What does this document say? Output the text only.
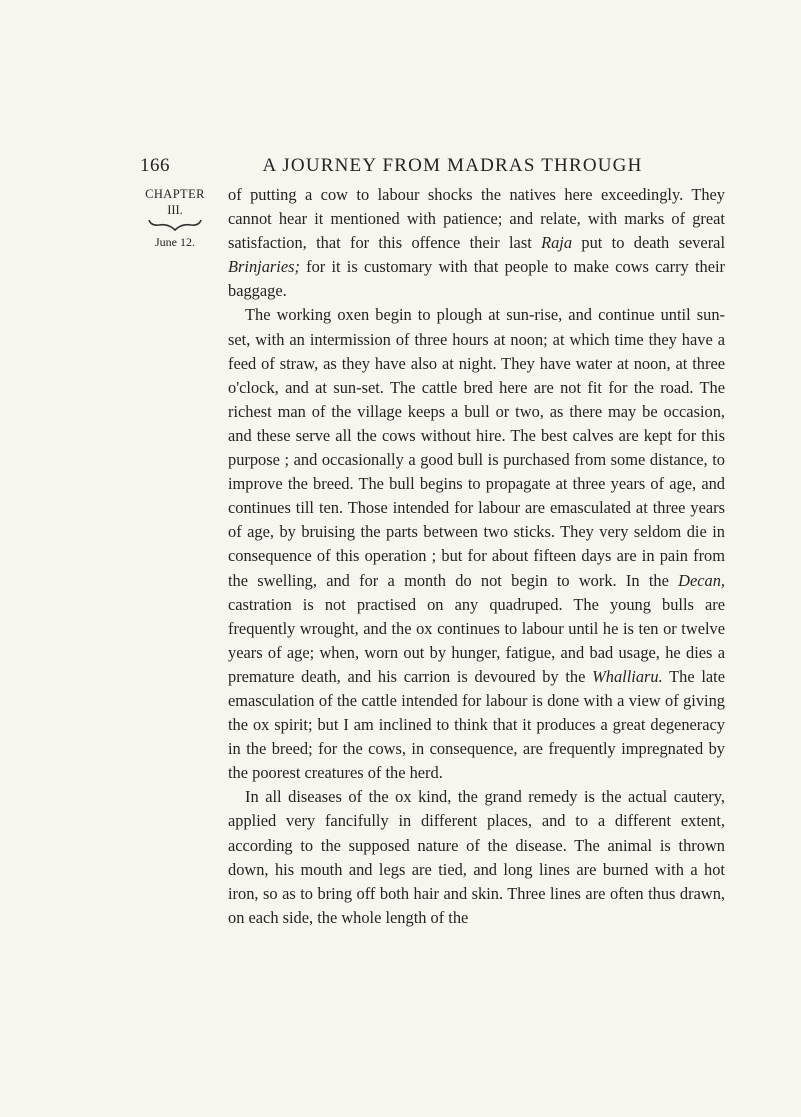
166	A JOURNEY FROM MADRAS THROUGH
CHAPTER
III.
June 12.

of putting a cow to labour shocks the natives here exceedingly. They cannot hear it mentioned with patience; and relate, with marks of great satisfaction, that for this offence their last Raja put to death several Brinjaries; for it is customary with that people to make cows carry their baggage.

The working oxen begin to plough at sun-rise, and continue until sun-set, with an intermission of three hours at noon; at which time they have a feed of straw, as they have also at night. They have water at noon, at three o'clock, and at sun-set. The cattle bred here are not fit for the road. The richest man of the village keeps a bull or two, as there may be occasion, and these serve all the cows without hire. The best calves are kept for this purpose ; and occasionally a good bull is purchased from some distance, to improve the breed. The bull begins to propagate at three years of age, and continues till ten. Those intended for labour are emasculated at three years of age, by bruising the parts between two sticks. They very seldom die in consequence of this operation ; but for about fifteen days are in pain from the swelling, and for a month do not begin to work. In the Decan, castration is not practised on any quadruped. The young bulls are frequently wrought, and the ox continues to labour until he is ten or twelve years of age; when, worn out by hunger, fatigue, and bad usage, he dies a premature death, and his carrion is devoured by the Whalliaru. The late emasculation of the cattle intended for labour is done with a view of giving the ox spirit; but I am inclined to think that it produces a great degeneracy in the breed; for the cows, in consequence, are frequently impregnated by the poorest creatures of the herd.

In all diseases of the ox kind, the grand remedy is the actual cautery, applied very fancifully in different places, and to a different extent, according to the supposed nature of the disease. The animal is thrown down, his mouth and legs are tied, and long lines are burned with a hot iron, so as to bring off both hair and skin. Three lines are often thus drawn, on each side, the whole length of the
